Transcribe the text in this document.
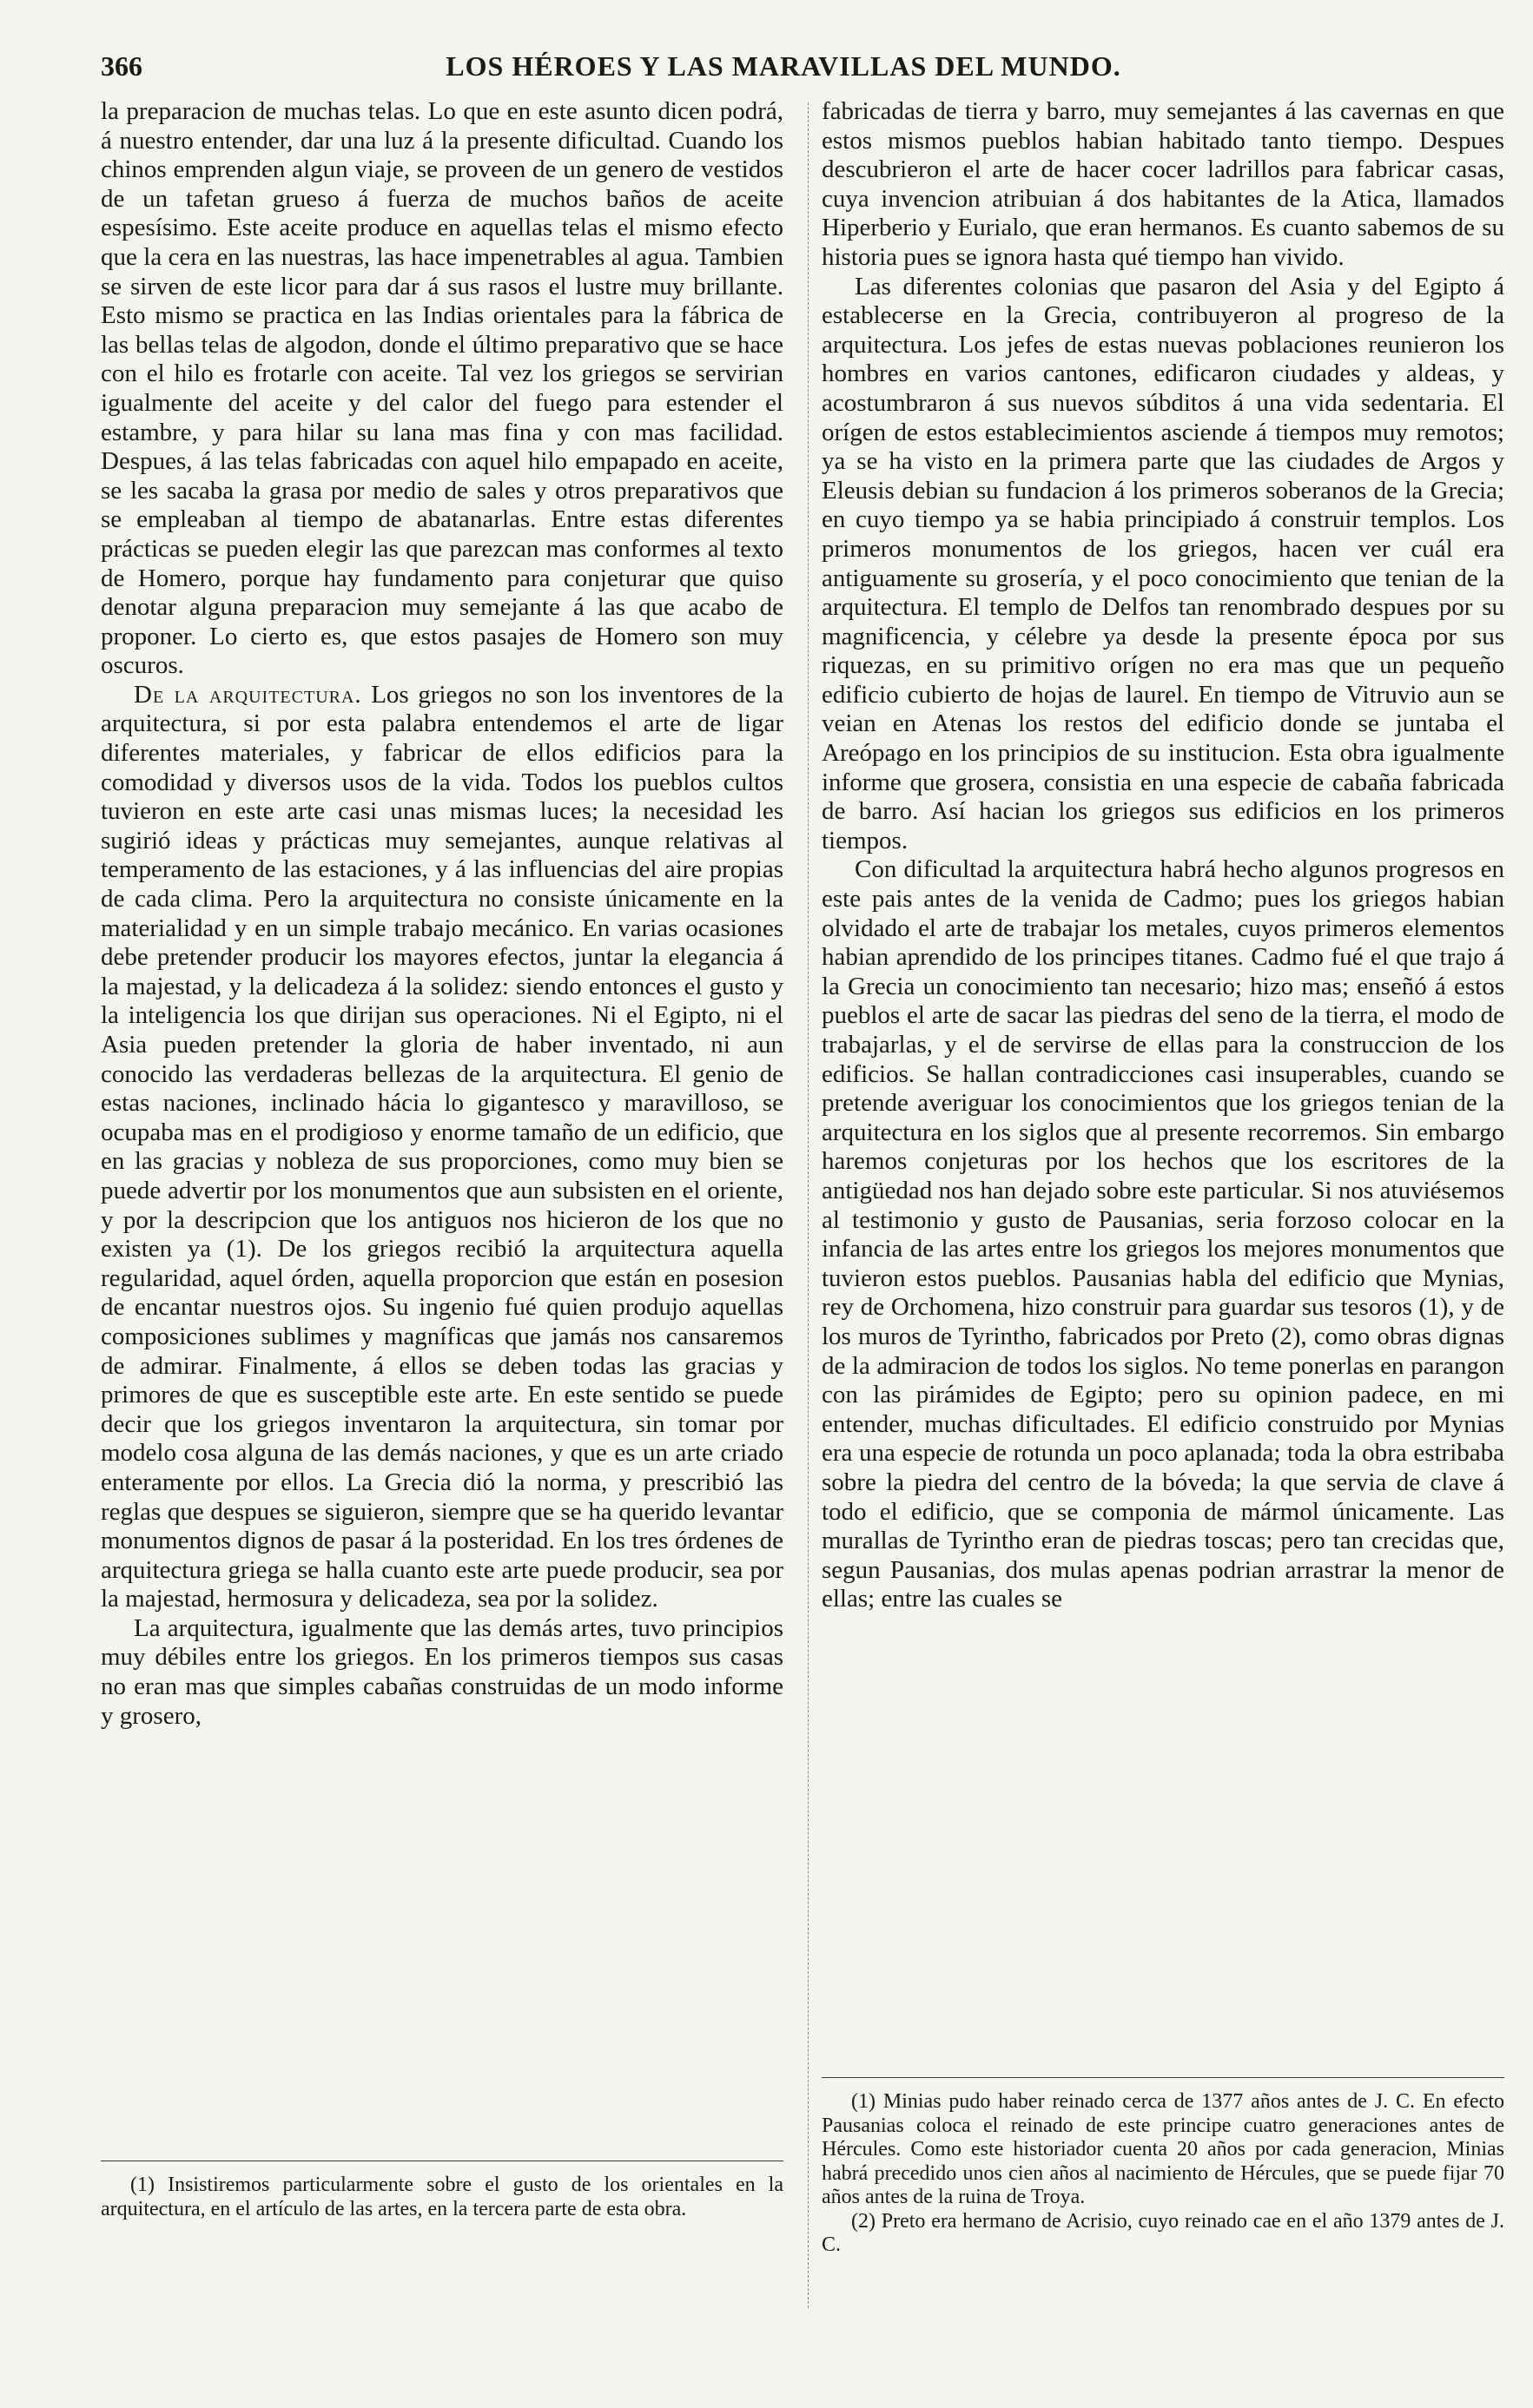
366	LOS HÉROES Y LAS MARAVILLAS DEL MUNDO.

la preparacion de muchas telas. Lo que en este asunto dicen podrá, á nuestro entender, dar una luz á la presente dificultad. Cuando los chinos emprenden algun viaje, se proveen de un genero de vestidos de un tafetan grueso á fuerza de muchos baños de aceite espesísimo. Este aceite produce en aquellas telas el mismo efecto que la cera en las nuestras, las hace impenetrables al agua. Tambien se sirven de este licor para dar á sus rasos el lustre muy brillante. Esto mismo se practica en las Indias orientales para la fábrica de las bellas telas de algodon, donde el último preparativo que se hace con el hilo es frotarle con aceite. Tal vez los griegos se servirian igualmente del aceite y del calor del fuego para estender el estambre, y para hilar su lana mas fina y con mas facilidad. Despues, á las telas fabricadas con aquel hilo empapado en aceite, se les sacaba la grasa por medio de sales y otros preparativos que se empleaban al tiempo de abatanarlas. Entre estas diferentes prácticas se pueden elegir las que parezcan mas conformes al texto de Homero, porque hay fundamento para conjeturar que quiso denotar alguna preparacion muy semejante á las que acabo de proponer. Lo cierto es, que estos pasajes de Homero son muy oscuros.

De la arquitectura. Los griegos no son los inventores de la arquitectura, si por esta palabra entendemos el arte de ligar diferentes materiales, y fabricar de ellos edificios para la comodidad y diversos usos de la vida. Todos los pueblos cultos tuvieron en este arte casi unas mismas luces; la necesidad les sugirió ideas y prácticas muy semejantes, aunque relativas al temperamento de las estaciones, y á las influencias del aire propias de cada clima. Pero la arquitectura no consiste únicamente en la materialidad y en un simple trabajo mecánico. En varias ocasiones debe pretender producir los mayores efectos, juntar la elegancia á la majestad, y la delicadeza á la solidez: siendo entonces el gusto y la inteligencia los que dirijan sus operaciones. Ni el Egipto, ni el Asia pueden pretender la gloria de haber inventado, ni aun conocido las verdaderas bellezas de la arquitectura. El genio de estas naciones, inclinado hácia lo gigantesco y maravilloso, se ocupaba mas en el prodigioso y enorme tamaño de un edificio, que en las gracias y nobleza de sus proporciones, como muy bien se puede advertir por los monumentos que aun subsisten en el oriente, y por la descripcion que los antiguos nos hicieron de los que no existen ya (1). De los griegos recibió la arquitectura aquella regularidad, aquel órden, aquella proporcion que están en posesion de encantar nuestros ojos. Su ingenio fué quien produjo aquellas composiciones sublimes y magníficas que jamás nos cansaremos de admirar. Finalmente, á ellos se deben todas las gracias y primores de que es susceptible este arte. En este sentido se puede decir que los griegos inventaron la arquitectura, sin tomar por modelo cosa alguna de las demás naciones, y que es un arte criado enteramente por ellos. La Grecia dió la norma, y prescribió las reglas que despues se siguieron, siempre que se ha querido levantar monumentos dignos de pasar á la posteridad. En los tres órdenes de arquitectura griega se halla cuanto este arte puede producir, sea por la majestad, hermosura y delicadeza, sea por la solidez.

La arquitectura, igualmente que las demás artes, tuvo principios muy débiles entre los griegos. En los primeros tiempos sus casas no eran mas que simples cabañas construidas de un modo informe y grosero,

(1) Insistiremos particularmente sobre el gusto de los orientales en la arquitectura, en el artículo de las artes, en la tercera parte de esta obra.

fabricadas de tierra y barro, muy semejantes á las cavernas en que estos mismos pueblos habian habitado tanto tiempo. Despues descubrieron el arte de hacer cocer ladrillos para fabricar casas, cuya invencion atribuian á dos habitantes de la Atica, llamados Hiperberio y Eurialo, que eran hermanos. Es cuanto sabemos de su historia pues se ignora hasta qué tiempo han vivido.

Las diferentes colonias que pasaron del Asia y del Egipto á establecerse en la Grecia, contribuyeron al progreso de la arquitectura. Los jefes de estas nuevas poblaciones reunieron los hombres en varios cantones, edificaron ciudades y aldeas, y acostumbraron á sus nuevos súbditos á una vida sedentaria. El orígen de estos establecimientos asciende á tiempos muy remotos; ya se ha visto en la primera parte que las ciudades de Argos y Eleusis debian su fundacion á los primeros soberanos de la Grecia; en cuyo tiempo ya se habia principiado á construir templos. Los primeros monumentos de los griegos, hacen ver cuál era antiguamente su grosería, y el poco conocimiento que tenian de la arquitectura. El templo de Delfos tan renombrado despues por su magnificencia, y célebre ya desde la presente época por sus riquezas, en su primitivo orígen no era mas que un pequeño edificio cubierto de hojas de laurel. En tiempo de Vitruvio aun se veian en Atenas los restos del edificio donde se juntaba el Areópago en los principios de su institucion. Esta obra igualmente informe que grosera, consistia en una especie de cabaña fabricada de barro. Así hacian los griegos sus edificios en los primeros tiempos.

Con dificultad la arquitectura habrá hecho algunos progresos en este pais antes de la venida de Cadmo; pues los griegos habian olvidado el arte de trabajar los metales, cuyos primeros elementos habian aprendido de los principes titanes. Cadmo fué el que trajo á la Grecia un conocimiento tan necesario; hizo mas; enseñó á estos pueblos el arte de sacar las piedras del seno de la tierra, el modo de trabajarlas, y el de servirse de ellas para la construccion de los edificios. Se hallan contradicciones casi insuperables, cuando se pretende averiguar los conocimientos que los griegos tenian de la arquitectura en los siglos que al presente recorremos. Sin embargo haremos conjeturas por los hechos que los escritores de la antigüedad nos han dejado sobre este particular. Si nos atuviésemos al testimonio y gusto de Pausanias, seria forzoso colocar en la infancia de las artes entre los griegos los mejores monumentos que tuvieron estos pueblos. Pausanias habla del edificio que Mynias, rey de Orchomena, hizo construir para guardar sus tesoros (1), y de los muros de Tyrintho, fabricados por Preto (2), como obras dignas de la admiracion de todos los siglos. No teme ponerlas en parangon con las pirámides de Egipto; pero su opinion padece, en mi entender, muchas dificultades. El edificio construido por Mynias era una especie de rotunda un poco aplanada; toda la obra estribaba sobre la piedra del centro de la bóveda; la que servia de clave á todo el edificio, que se componia de mármol únicamente. Las murallas de Tyrintho eran de piedras toscas; pero tan crecidas que, segun Pausanias, dos mulas apenas podrian arrastrar la menor de ellas; entre las cuales se

(1) Minias pudo haber reinado cerca de 1377 años antes de J. C. En efecto Pausanias coloca el reinado de este principe cuatro generaciones antes de Hércules. Como este historiador cuenta 20 años por cada generacion, Minias habrá precedido unos cien años al nacimiento de Hércules, que se puede fijar 70 años antes de la ruina de Troya.

(2) Preto era hermano de Acrisio, cuyo reinado cae en el año 1379 antes de J. C.
